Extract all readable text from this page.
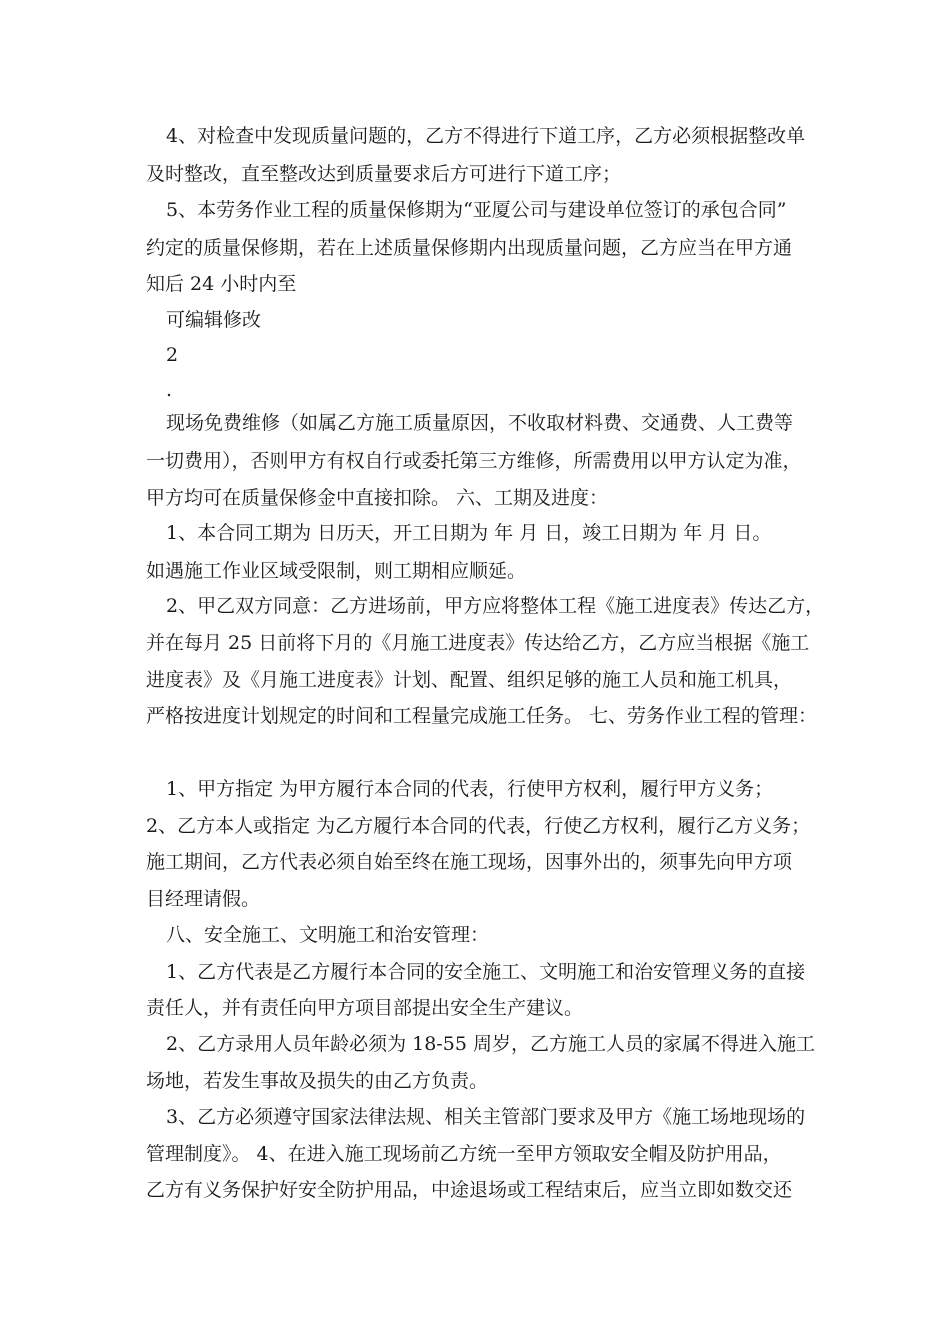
4、对检查中发现质量问题的，乙方不得进行下道工序，乙方必须根据整改单
及时整改，直至整改达到质量要求后方可进行下道工序；
5、本劳务作业工程的质量保修期为“亚厦公司与建设单位签订的承包合同”
约定的质量保修期，若在上述质量保修期内出现质量问题，乙方应当在甲方通
知后 24 小时内至
可编辑修改
2
.
现场免费维修（如属乙方施工质量原因，不收取材料费、交通费、人工费等
一切费用），否则甲方有权自行或委托第三方维修，所需费用以甲方认定为准，
甲方均可在质量保修金中直接扣除。 六、工期及进度：
1、本合同工期为 日历天，开工日期为 年 月 日，竣工日期为 年 月 日。
如遇施工作业区域受限制，则工期相应顺延。
2、甲乙双方同意：乙方进场前，甲方应将整体工程《施工进度表》传达乙方，
并在每月 25 日前将下月的《月施工进度表》传达给乙方，乙方应当根据《施工
进度表》及《月施工进度表》计划、配置、组织足够的施工人员和施工机具，
严格按进度计划规定的时间和工程量完成施工任务。 七、劳务作业工程的管理：
1、甲方指定 为甲方履行本合同的代表，行使甲方权利，履行甲方义务；
2、乙方本人或指定 为乙方履行本合同的代表，行使乙方权利，履行乙方义务；
施工期间，乙方代表必须自始至终在施工现场，因事外出的，须事先向甲方项
目经理请假。
八、安全施工、文明施工和治安管理：
1、乙方代表是乙方履行本合同的安全施工、文明施工和治安管理义务的直接
责任人，并有责任向甲方项目部提出安全生产建议。
2、乙方录用人员年龄必须为 18-55 周岁，乙方施工人员的家属不得进入施工
场地，若发生事故及损失的由乙方负责。
3、乙方必须遵守国家法律法规、相关主管部门要求及甲方《施工场地现场的
管理制度》。 4、在进入施工现场前乙方统一至甲方领取安全帽及防护用品，
乙方有义务保护好安全防护用品，中途退场或工程结束后，应当立即如数交还
